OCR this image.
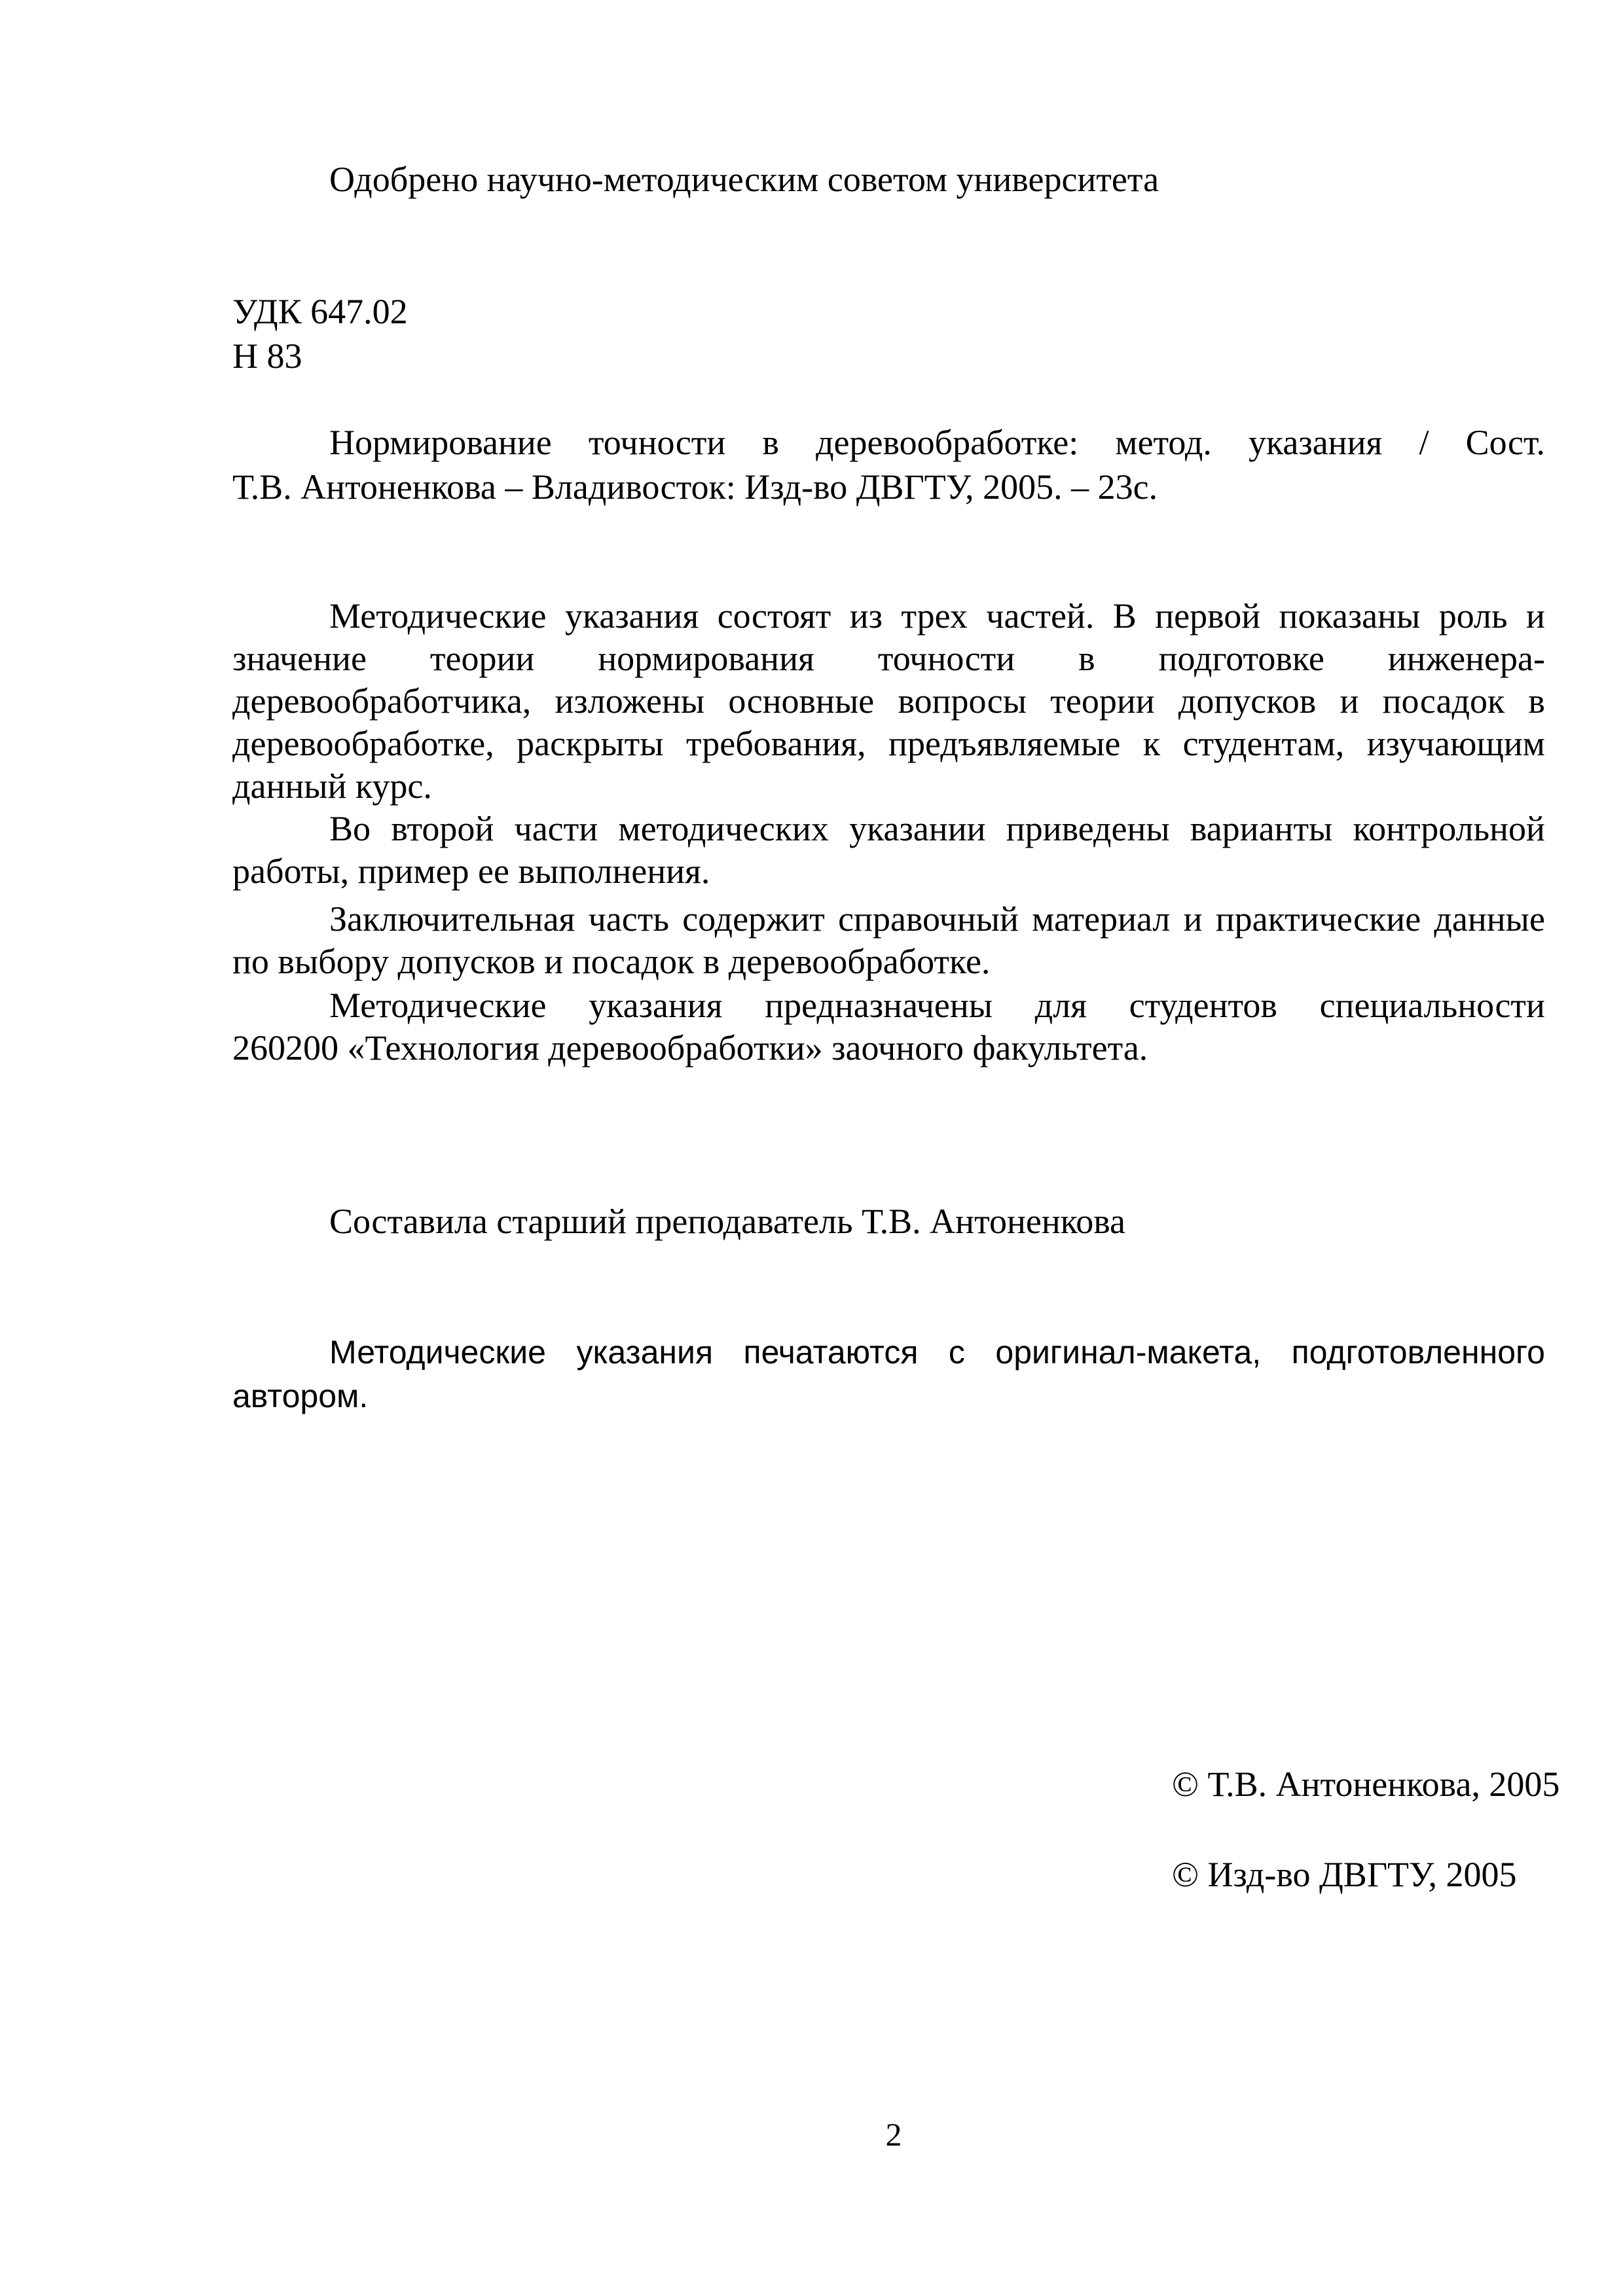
Одобрено научно-методическим советом университета
УДК 647.02
Н 83
Нормирование точности в деревообработке: метод. указания / Сост.
Т.В. Антоненкова – Владивосток: Изд-во ДВГТУ, 2005. – 23с.
Методические указания состоят из трех частей. В первой показаны роль и
значение теории нормирования точности в подготовке инженера-
деревообработчика, изложены основные вопросы теории допусков и посадок в
деревообработке, раскрыты требования, предъявляемые к студентам, изучающим
данный курс.
Во второй части методических указании приведены варианты контрольной
работы, пример ее выполнения.
Заключительная часть содержит справочный материал и практические данные
по выбору допусков и посадок в деревообработке.
Методические указания предназначены для студентов специальности
260200 «Технология деревообработки» заочного факультета.
Составила старший преподаватель Т.В. Антоненкова
Методические указания печатаются с оригинал-макета, подготовленного
автором.
© Т.В. Антоненкова, 2005
© Изд-во ДВГТУ, 2005
2
